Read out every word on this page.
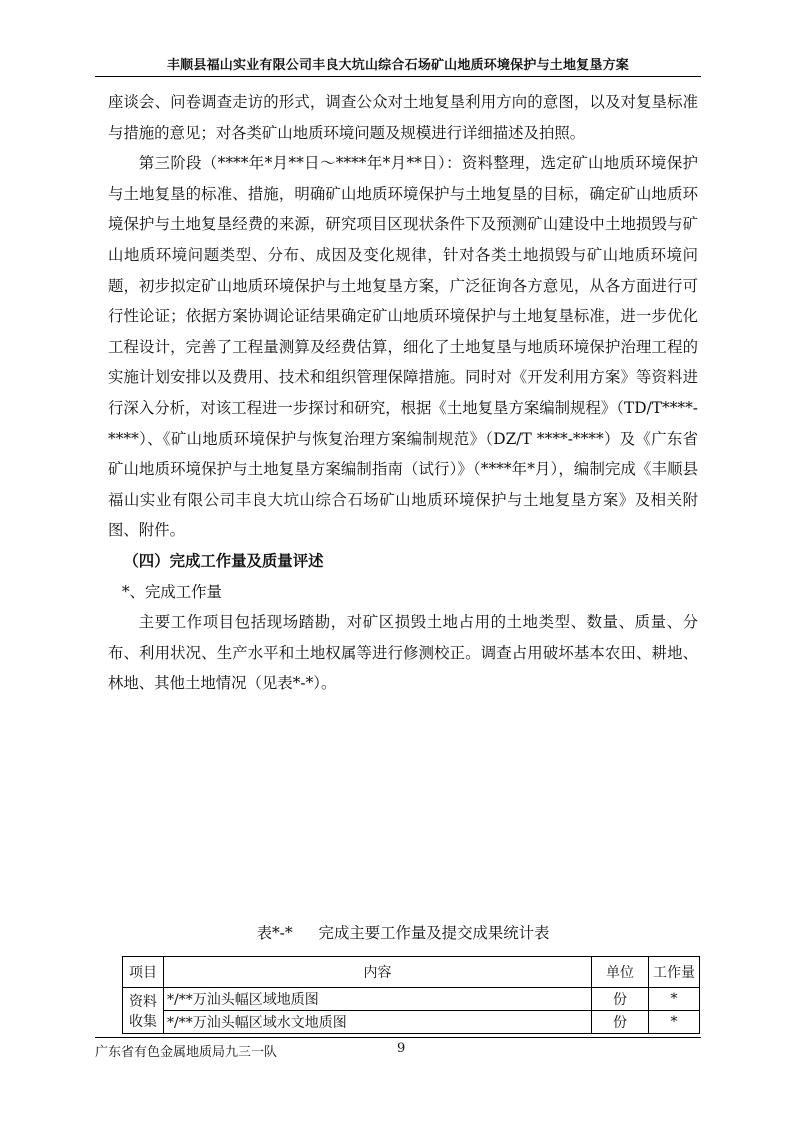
丰顺县福山实业有限公司丰良大坑山综合石场矿山地质环境保护与土地复垦方案

座谈会、问卷调查走访的形式，调查公众对土地复垦利用方向的意图，以及对复垦标准与措施的意见；对各类矿山地质环境问题及规模进行详细描述及拍照。

第三阶段（****年*月**日～****年*月**日）：资料整理，选定矿山地质环境保护与土地复垦的标准、措施，明确矿山地质环境保护与土地复垦的目标，确定矿山地质环境保护与土地复垦经费的来源，研究项目区现状条件下及预测矿山建设中土地损毁与矿山地质环境问题类型、分布、成因及变化规律，针对各类土地损毁与矿山地质环境问题，初步拟定矿山地质环境保护与土地复垦方案，广泛征询各方意见，从各方面进行可行性论证；依据方案协调论证结果确定矿山地质环境保护与土地复垦标准，进一步优化工程设计，完善了工程量测算及经费估算，细化了土地复垦与地质环境保护治理工程的实施计划安排以及费用、技术和组织管理保障措施。同时对《开发利用方案》等资料进行深入分析，对该工程进一步探讨和研究，根据《土地复垦方案编制规程》（TD/T****-****）、《矿山地质环境保护与恢复治理方案编制规范》（DZ/T ****-****）及《广东省矿山地质环境保护与土地复垦方案编制指南（试行）》（****年*月），编制完成《丰顺县福山实业有限公司丰良大坑山综合石场矿山地质环境保护与土地复垦方案》及相关附图、附件。

（四）完成工作量及质量评述

*、完成工作量

主要工作项目包括现场踏勘，对矿区损毁土地占用的土地类型、数量、质量、分布、利用状况、生产水平和土地权属等进行修测校正。调查占用破坏基本农田、耕地、林地、其他土地情况（见表*-*）。

表*-* 完成主要工作量及提交成果统计表
项目	内容	单位	工作量
资料收集	*/**万汕头幅区域地质图	份	*
	*/**万汕头幅区域水文地质图	份	*
广东省有色金属地质局九三一队	9
